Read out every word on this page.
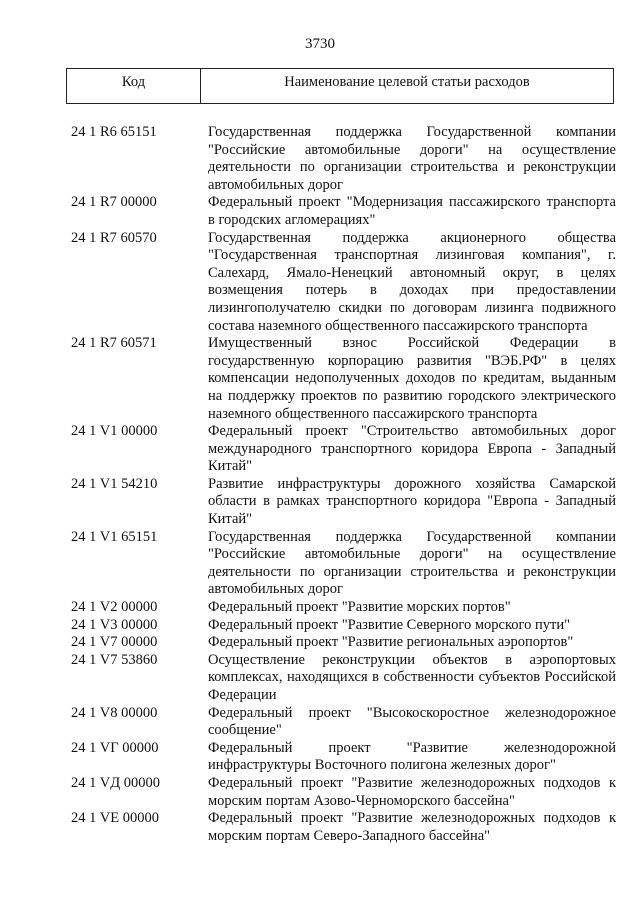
3730
Код	Наименование целевой статьи расходов
24 1 R6 65151	Государственная поддержка Государственной компании "Российские автомобильные дороги" на осуществление деятельности по организации строительства и реконструкции автомобильных дорог
24 1 R7 00000	Федеральный проект "Модернизация пассажирского транспорта в городских агломерациях"
24 1 R7 60570	Государственная поддержка акционерного общества "Государственная транспортная лизинговая компания", г. Салехард, Ямало-Ненецкий автономный округ, в целях возмещения потерь в доходах при предоставлении лизингополучателю скидки по договорам лизинга подвижного состава наземного общественного пассажирского транспорта
24 1 R7 60571	Имущественный взнос Российской Федерации в государственную корпорацию развития "ВЭБ.РФ" в целях компенсации недополученных доходов по кредитам, выданным на поддержку проектов по развитию городского электрического наземного общественного пассажирского транспорта
24 1 V1 00000	Федеральный проект "Строительство автомобильных дорог международного транспортного коридора Европа - Западный Китай"
24 1 V1 54210	Развитие инфраструктуры дорожного хозяйства Самарской области в рамках транспортного коридора "Европа - Западный Китай"
24 1 V1 65151	Государственная поддержка Государственной компании "Российские автомобильные дороги" на осуществление деятельности по организации строительства и реконструкции автомобильных дорог
24 1 V2 00000	Федеральный проект "Развитие морских портов"
24 1 V3 00000	Федеральный проект "Развитие Северного морского пути"
24 1 V7 00000	Федеральный проект "Развитие региональных аэропортов"
24 1 V7 53860	Осуществление реконструкции объектов в аэропортовых комплексах, находящихся в собственности субъектов Российской Федерации
24 1 V8 00000	Федеральный проект "Высокоскоростное железнодорожное сообщение"
24 1 VГ 00000	Федеральный проект "Развитие железнодорожной инфраструктуры Восточного полигона железных дорог"
24 1 VД 00000	Федеральный проект "Развитие железнодорожных подходов к морским портам Азово-Черноморского бассейна"
24 1 VE 00000	Федеральный проект "Развитие железнодорожных подходов к морским портам Северо-Западного бассейна"
